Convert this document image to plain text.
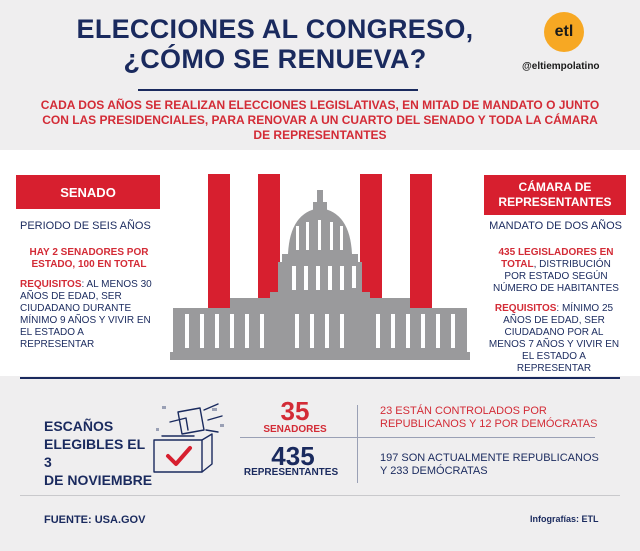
ELECCIONES AL CONGRESO,
¿CÓMO SE RENUEVA?
etl
@eltiempolatino
CADA DOS AÑOS SE REALIZAN ELECCIONES LEGISLATIVAS, EN MITAD DE MANDATO O JUNTO CON LAS PRESIDENCIALES, PARA RENOVAR A UN CUARTO DEL SENADO Y TODA LA CÁMARA DE REPRESENTANTES
SENADO
PERIODO DE SEIS AÑOS
HAY 2 SENADORES POR ESTADO, 100 EN TOTAL
REQUISITOS: AL MENOS 30 AÑOS DE EDAD, SER CIUDADANO DURANTE MÍNIMO 9 AÑOS Y VIVIR EN EL ESTADO A REPRESENTAR
CÁMARA DE
REPRESENTANTES
MANDATO DE DOS AÑOS
435 LEGISLADORES EN TOTAL, DISTRIBUCIÓN POR ESTADO SEGÚN NÚMERO DE HABITANTES
REQUISITOS: MÍNIMO 25 AÑOS DE EDAD, SER CIUDADANO POR AL MENOS 7 AÑOS Y VIVIR EN EL ESTADO A REPRESENTAR
ESCAÑOS
ELEGIBLES EL 3
DE NOVIEMBRE
35
SENADORES
435
REPRESENTANTES
23 ESTÁN CONTROLADOS POR REPUBLICANOS Y 12 POR DEMÓCRATAS
197 SON ACTUALMENTE REPUBLICANOS Y 233 DEMÓCRATAS
FUENTE: USA.GOV	Infografías: ETL
